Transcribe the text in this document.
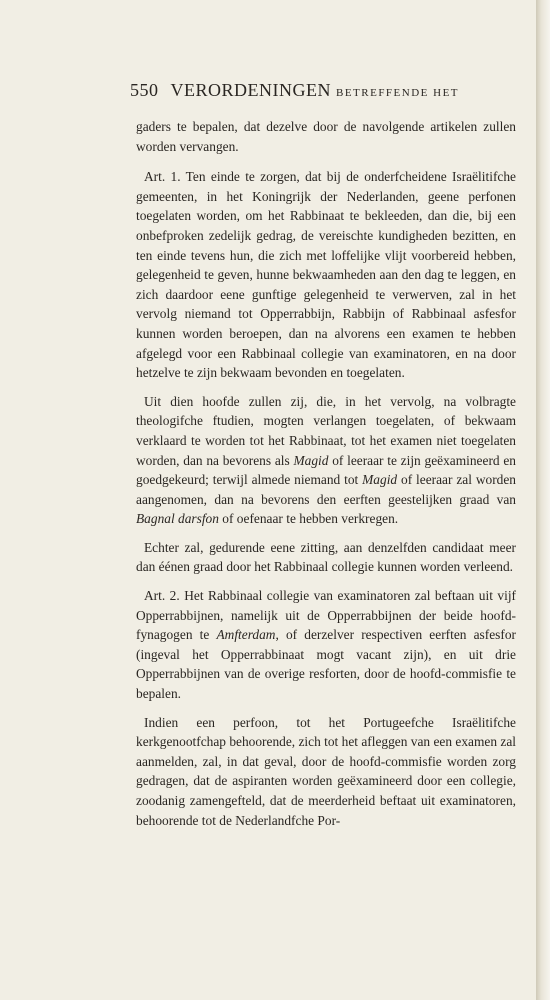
550 VERORDENINGEN BETREFFENDE HET

gaders te bepalen, dat dezelve door de navolgende artikelen zullen worden vervangen.

Art. 1. Ten einde te zorgen, dat bij de onderfcheidene Israëlitifche gemeenten, in het Koningrijk der Nederlanden, geene perfonen toegelaten worden, om het Rabbinaat te bekleeden, dan die, bij een onbefproken zedelijk gedrag, de vereischte kundigheden bezitten, en ten einde tevens hun, die zich met loffelijke vlijt voorbereid hebben, gelegenheid te geven, hunne bekwaamheden aan den dag te leggen, en zich daardoor eene gunftige gelegenheid te verwerven, zal in het vervolg niemand tot Opperrabbijn, Rabbijn of Rabbinaal asfesfor kunnen worden beroepen, dan na alvorens een examen te hebben afgelegd voor een Rabbinaal collegie van examinatoren, en na door hetzelve te zijn bekwaam bevonden en toegelaten.

Uit dien hoofde zullen zij, die, in het vervolg, na volbragte theologifche ftudien, mogten verlangen toegelaten, of bekwaam verklaard te worden tot het Rabbinaat, tot het examen niet toegelaten worden, dan na bevorens als Magid of leeraar te zijn geëxamineerd en goedgekeurd; terwijl almede niemand tot Magid of leeraar zal worden aangenomen, dan na bevorens den eerften geestelijken graad van Bagnal darsfon of oefenaar te hebben verkregen.

Echter zal, gedurende eene zitting, aan denzelfden candidaat meer dan éénen graad door het Rabbinaal collegie kunnen worden verleend.

Art. 2. Het Rabbinaal collegie van examinatoren zal beftaan uit vijf Opperrabbijnen, namelijk uit de Opperrabbijnen der beide hoofd-fynagogen te Amfterdam, of derzelver respectiven eerften asfesfor (ingeval het Opperrabbinaat mogt vacant zijn), en uit drie Opperrabbijnen van de overige resforten, door de hoofd-commisfie te bepalen.

Indien een perfoon, tot het Portugeefche Israëlitifche kerkgenootfchap behoorende, zich tot het afleggen van een examen zal aanmelden, zal, in dat geval, door de hoofd-commisfie worden zorg gedragen, dat de aspiranten worden geëxamineerd door een collegie, zoodanig zamengefteld, dat de meerderheid beftaat uit examinatoren, behoorende tot de Nederlandfche Por-
